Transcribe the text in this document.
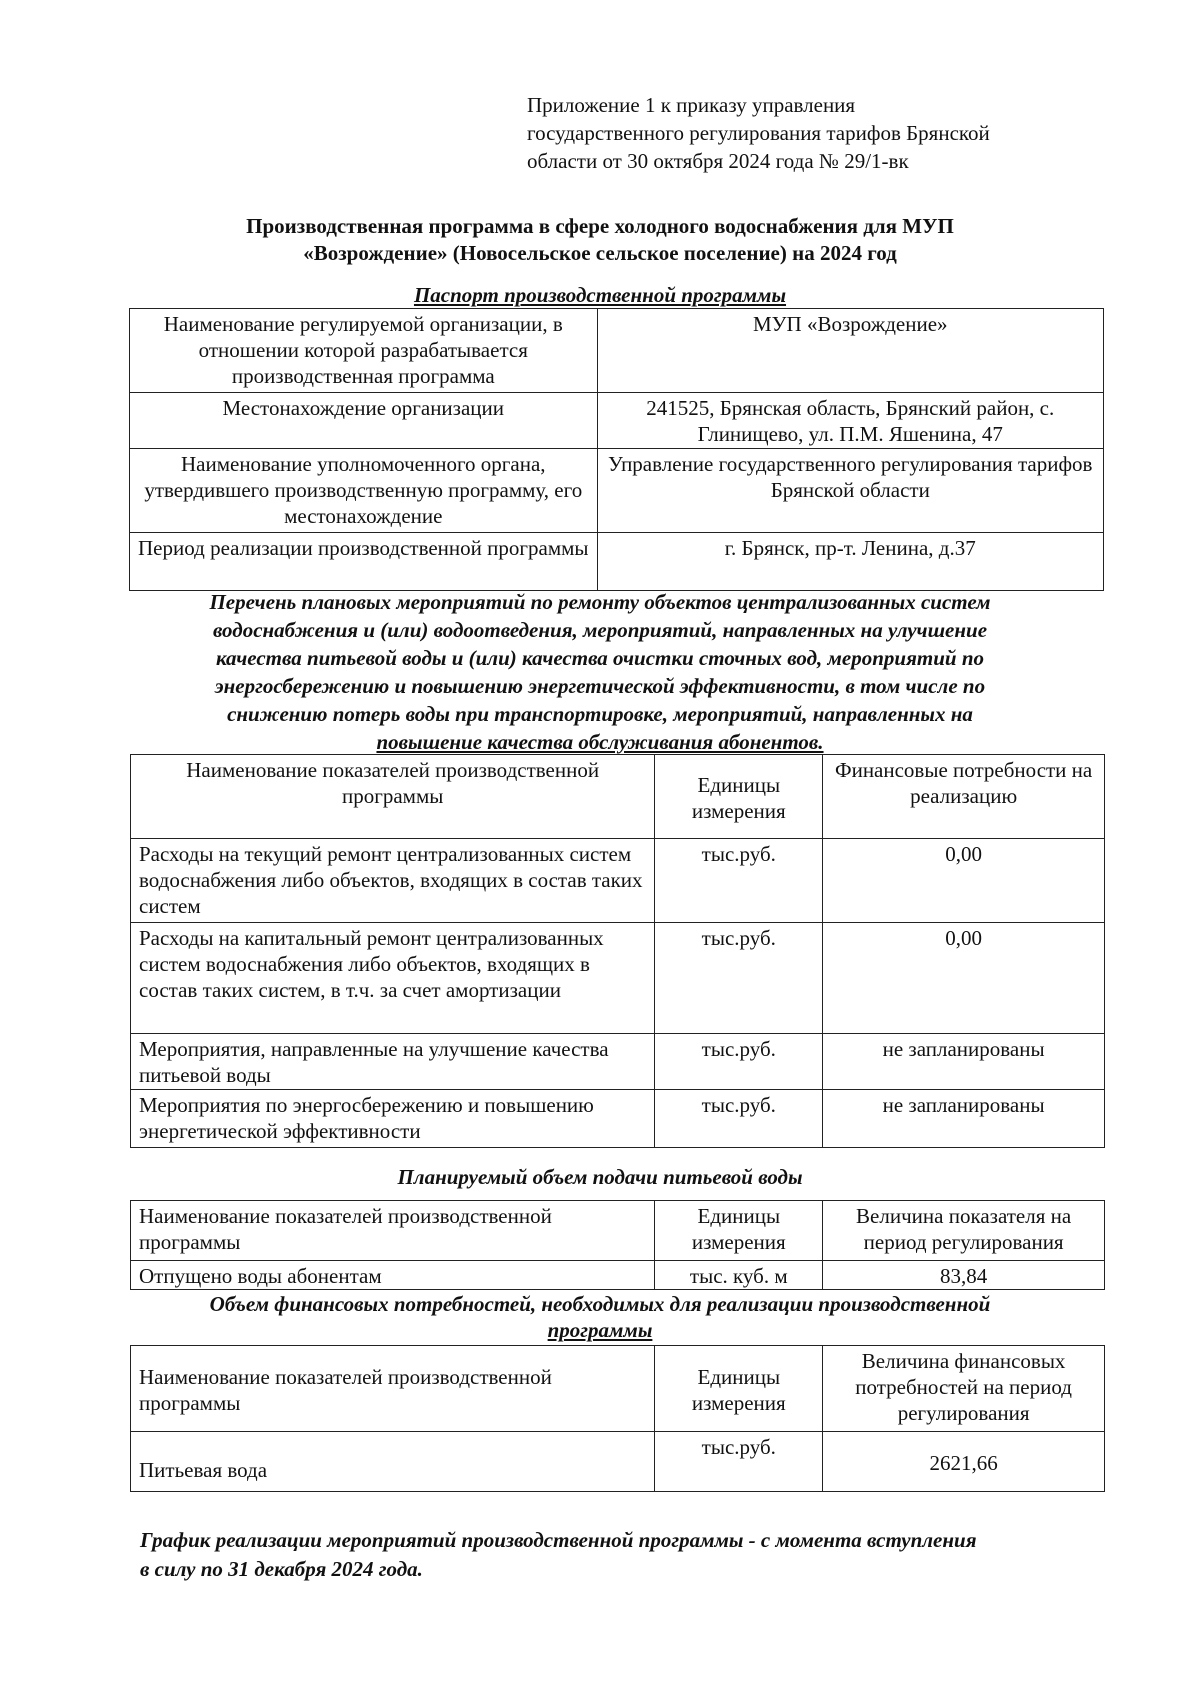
Приложение 1 к приказу управления
государственного регулирования тарифов Брянской
области от 30 октября 2024 года № 29/1-вк
Производственная программа в сфере холодного водоснабжения для МУП
«Возрождение» (Новосельское сельское поселение) на 2024 год
Паспорт производственной программы
Наименование регулируемой организации, в отношении которой разрабатывается производственная программа	МУП «Возрождение»
Местонахождение организации	241525, Брянская область, Брянский район, с. Глинищево, ул. П.М. Яшенина, 47
Наименование уполномоченного органа, утвердившего производственную программу, его местонахождение	Управление государственного регулирования тарифов Брянской области
Период реализации производственной программы	г. Брянск, пр-т. Ленина, д.37
Перечень плановых мероприятий по ремонту объектов централизованных систем
водоснабжения и (или) водоотведения, мероприятий, направленных на улучшение
качества питьевой воды и (или) качества очистки сточных вод, мероприятий по
энергосбережению и повышению энергетической эффективности, в том числе по
снижению потерь воды при транспортировке, мероприятий, направленных на
повышение качества обслуживания абонентов.
Наименование показателей производственной программы	Единицы измерения	Финансовые потребности на реализацию
Расходы на текущий ремонт централизованных систем водоснабжения либо объектов, входящих в состав таких систем	тыс.руб.	0,00
Расходы на капитальный ремонт централизованных систем водоснабжения либо объектов, входящих в состав таких систем, в т.ч. за счет амортизации	тыс.руб.	0,00
Мероприятия, направленные на улучшение качества питьевой воды	тыс.руб.	не запланированы
Мероприятия по энергосбережению и повышению энергетической эффективности	тыс.руб.	не запланированы
Планируемый объем подачи питьевой воды
Наименование показателей производственной программы	Единицы измерения	Величина показателя на период регулирования
Отпущено воды абонентам	тыс. куб. м	83,84
Объем финансовых потребностей, необходимых для реализации производственной
программы
Наименование показателей производственной программы	Единицы измерения	Величина финансовых потребностей на период регулирования
Питьевая вода	тыс.руб.	2621,66
График реализации мероприятий производственной программы - с момента вступления
в силу по 31 декабря 2024 года.
